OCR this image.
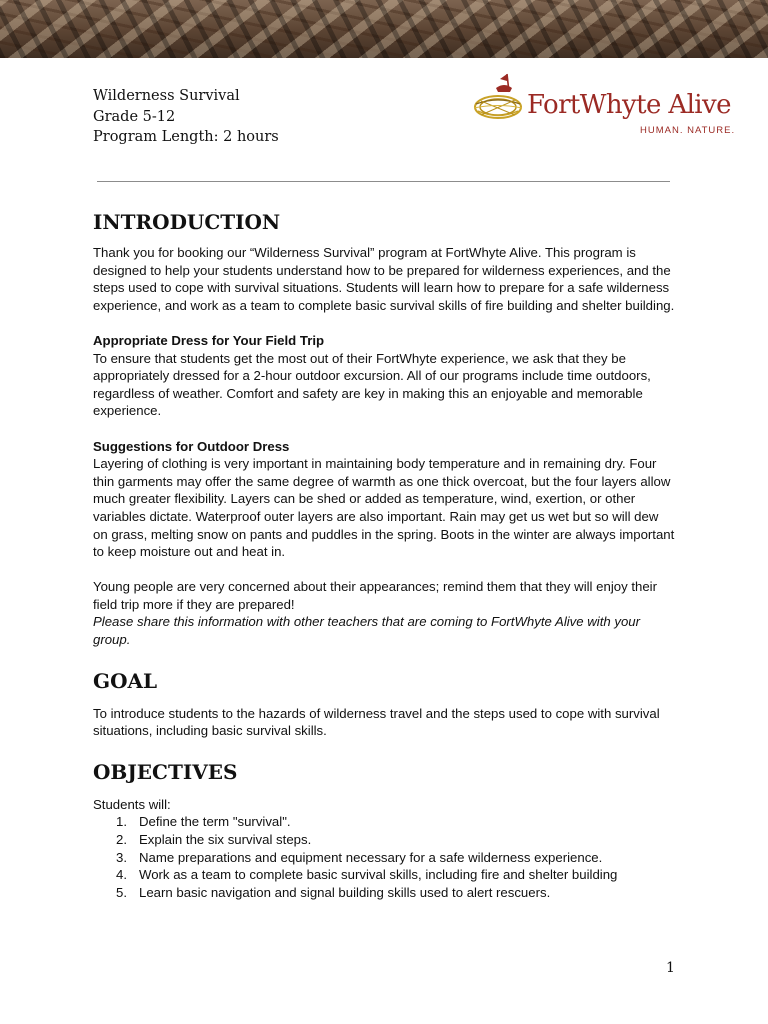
Wilderness Survival
Grade 5-12
Program Length: 2 hours
FortWhyte Alive
HUMAN. NATURE.
INTRODUCTION

Thank you for booking our “Wilderness Survival” program at FortWhyte Alive. This program is designed to help your students understand how to be prepared for wilderness experiences, and the steps used to cope with survival situations. Students will learn how to prepare for a safe wilderness experience, and work as a team to complete basic survival skills of fire building and shelter building.

Appropriate Dress for Your Field Trip

To ensure that students get the most out of their FortWhyte experience, we ask that they be appropriately dressed for a 2-hour outdoor excursion. All of our programs include time outdoors, regardless of weather. Comfort and safety are key in making this an enjoyable and memorable experience.

Suggestions for Outdoor Dress

Layering of clothing is very important in maintaining body temperature and in remaining dry. Four thin garments may offer the same degree of warmth as one thick overcoat, but the four layers allow much greater flexibility. Layers can be shed or added as temperature, wind, exertion, or other variables dictate. Waterproof outer layers are also important. Rain may get us wet but so will dew on grass, melting snow on pants and puddles in the spring. Boots in the winter are always important to keep moisture out and heat in.

Young people are very concerned about their appearances; remind them that they will enjoy their field trip more if they are prepared!

Please share this information with other teachers that are coming to FortWhyte Alive with your group.

GOAL

To introduce students to the hazards of wilderness travel and the steps used to cope with survival situations, including basic survival skills.

OBJECTIVES

Students will:

1. Define the term "survival".
2. Explain the six survival steps.
3. Name preparations and equipment necessary for a safe wilderness experience.
4. Work as a team to complete basic survival skills, including fire and shelter building
5. Learn basic navigation and signal building skills used to alert rescuers.
1
